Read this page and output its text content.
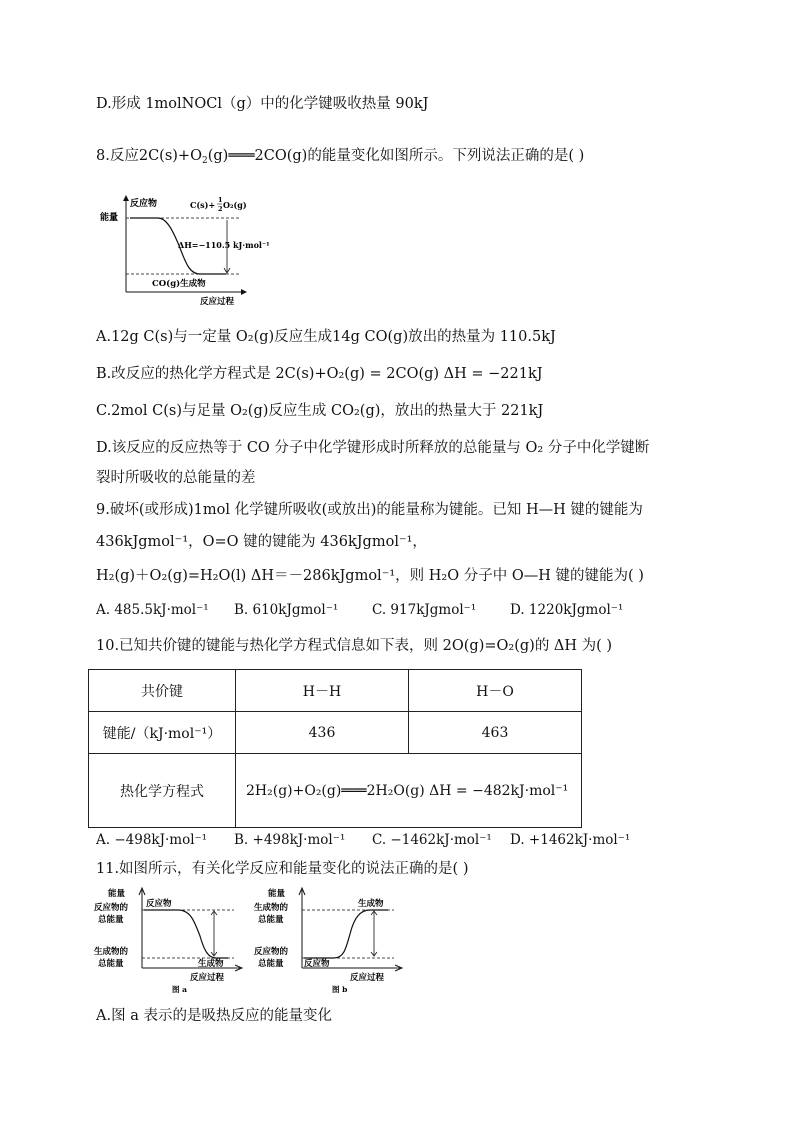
D.形成 1molNOCl（g）中的化学键吸收热量 90kJ
8.反应$2C(s)+O_2(g)═══2CO(g)$的能量变化如图所示。下列说法正确的是( )
反应物
能量
C(s)+ 1
2 O₂(g)
ΔH=−110.5 kJ·mol⁻¹
CO(g)生成物
反应过程
A.12g C(s)与一定量 O₂(g)反应生成14g CO(g)放出的热量为 110.5kJ
B.改反应的热化学方程式是 2C(s)+O₂(g) = 2CO(g) ΔH = −221kJ
C.2mol C(s)与足量 O₂(g)反应生成 CO₂(g)，放出的热量大于 221kJ
D.该反应的反应热等于 CO 分子中化学键形成时所释放的总能量与 O₂ 分子中化学键断
裂时所吸收的总能量的差
9.破坏(或形成)1mol 化学键所吸收(或放出)的能量称为键能。已知 H—H 键的键能为
436kJgmol⁻¹，O=O 键的键能为 436kJgmol⁻¹，
H₂(g)＋O₂(g)=H₂O(l) ΔH＝－286kJgmol⁻¹，则 H₂O 分子中 O—H 键的键能为( )
A. 485.5kJ·mol⁻¹ B. 610kJgmol⁻¹ C. 917kJgmol⁻¹	D. 1220kJgmol⁻¹
10.已知共价键的键能与热化学方程式信息如下表，则 2O(g)=O₂(g)的 ΔH 为( )
共价键	H－H	H－O
键能/（kJ·mol⁻¹）	436	463
热化学方程式	2H₂(g)+O₂(g)═══2H₂O(g) ΔH = −482kJ·mol⁻¹	
A. −498kJ·mol⁻¹ B. +498kJ·mol⁻¹ C. −1462kJ·mol⁻¹ D. +1462kJ·mol⁻¹
11.如图所示，有关化学反应和能量变化的说法正确的是( )
能量
反应物的总能量
生成物的总能量
反应物
生成物
反应过程
图 a
能量
生成物的总能量
反应物的总能量
生成物
反应物
反应过程
图 b
A.图 a 表示的是吸热反应的能量变化
